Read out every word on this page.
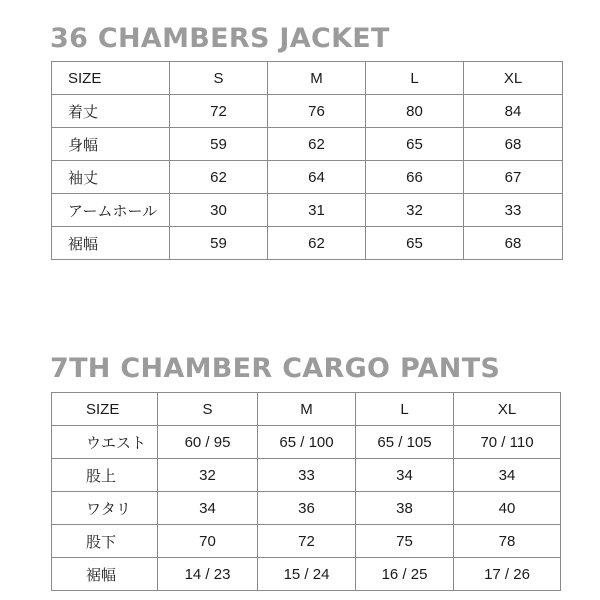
36 CHAMBERS JACKET
SIZE	S	M	L	XL
着丈	72	76	80	84
身幅	59	62	65	68
袖丈	62	64	66	67
アームホール	30	31	32	33
裾幅	59	62	65	68
7TH CHAMBER CARGO PANTS
SIZE	S	M	L	XL
ウエスト	60 / 95	65 / 100	65 / 105	70 / 110
股上	32	33	34	34
ワタリ	34	36	38	40
股下	70	72	75	78
裾幅	14 / 23	15 / 24	16 / 25	17 / 26
